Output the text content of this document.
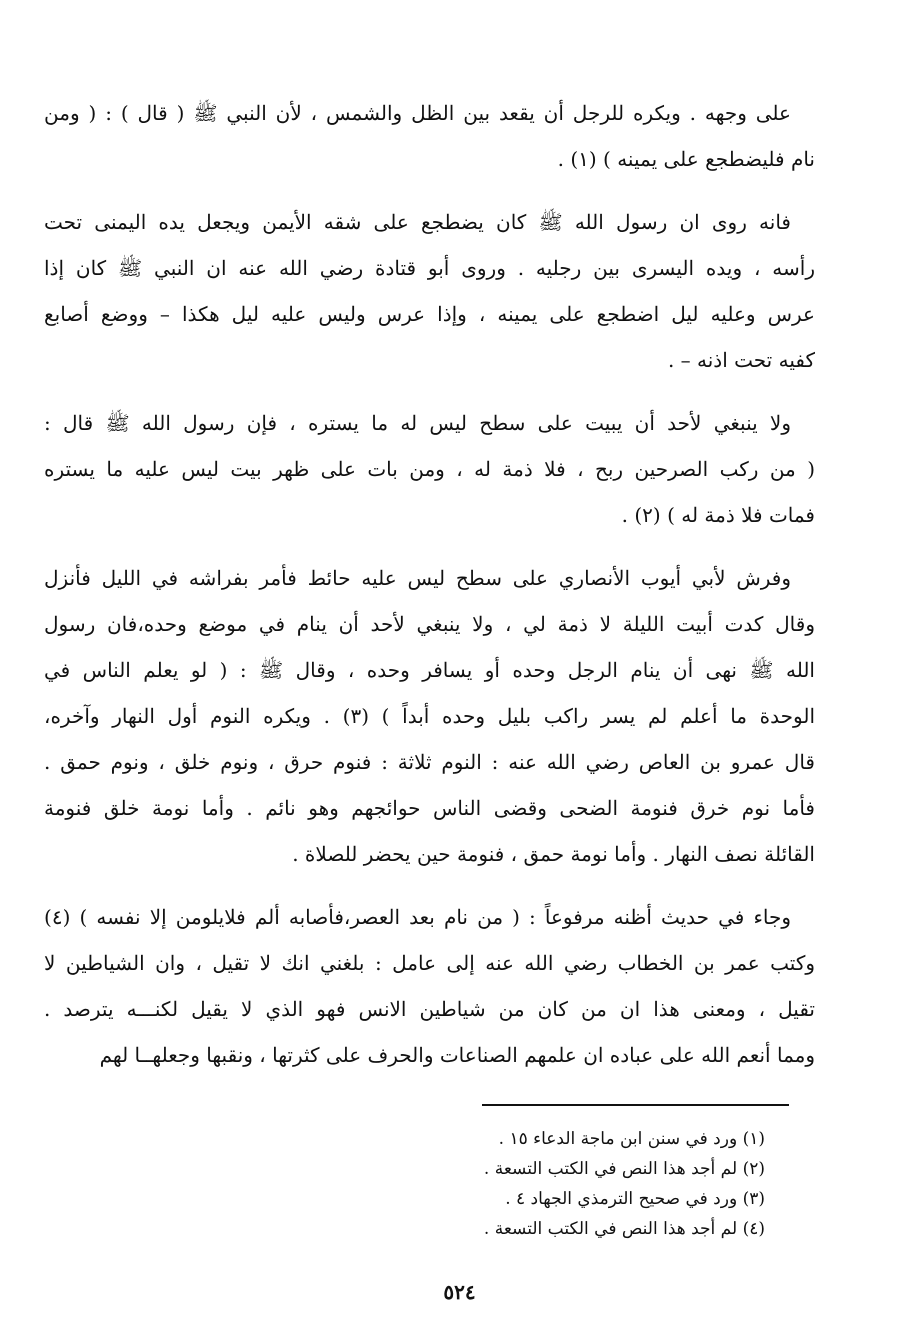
على وجهه . ويكره للرجل أن يقعد بين الظل والشمس ، لأن النبي ﷺ ( قال ) : ( ومن
نام فليضطجع على يمينه ) (١) .
فانه روى ان رسول الله ﷺ كان يضطجع على شقه الأيمن ويجعل يده اليمنى تحت
رأسه ، ويده اليسرى بين رجليه . وروى أبو قتادة رضي الله عنه ان النبي ﷺ كان إذا
عرس وعليه ليل اضطجع على يمينه ، وإذا عرس وليس عليه ليل هكذا – ووضع أصابع
كفيه تحت اذنه – .
ولا ينبغي لأحد أن يبيت على سطح ليس له ما يستره ، فإن رسول الله ﷺ قال :
( من ركب الصرحين ربح ، فلا ذمة له ، ومن بات على ظهر بيت ليس عليه ما يستره
فمات فلا ذمة له ) (٢) .
وفرش لأبي أيوب الأنصاري على سطح ليس عليه حائط فأمر بفراشه في الليل فأنزل
وقال كدت أبيت الليلة لا ذمة لي ، ولا ينبغي لأحد أن ينام في موضع وحده،فان رسول
الله ﷺ نهى أن ينام الرجل وحده أو يسافر وحده ، وقال ﷺ : ( لو يعلم الناس في
الوحدة ما أعلم لم يسر راكب بليل وحده أبداً ) (٣) . ويكره النوم أول النهار وآخره،
قال عمرو بن العاص رضي الله عنه : النوم ثلاثة : فنوم حرق ، ونوم خلق ، ونوم حمق .
فأما نوم خرق فنومة الضحى وقضى الناس حوائجهم وهو نائم . وأما نومة خلق فنومة
القائلة نصف النهار . وأما نومة حمق ، فنومة حين يحضر للصلاة .
وجاء في حديث أظنه مرفوعاً : ( من نام بعد العصر،فأصابه ألم فلايلومن إلا نفسه ) (٤)
وكتب عمر بن الخطاب رضي الله عنه إلى عامل : بلغني انك لا تقيل ، وان الشياطين لا
تقيل ، ومعنى هذا ان من كان من شياطين الانس فهو الذي لا يقيل لكنـــه يترصد .
ومما أنعم الله على عباده ان علمهم الصناعات والحرف على كثرتها ، ونقبها وجعلهــا لهم
(١) ورد في سنن ابن ماجة الدعاء ١٥ .
(٢) لم أجد هذا النص في الكتب التسعة .
(٣) ورد في صحيح الترمذي الجهاد ٤ .
(٤) لم أجد هذا النص في الكتب التسعة .
٥٢٤
